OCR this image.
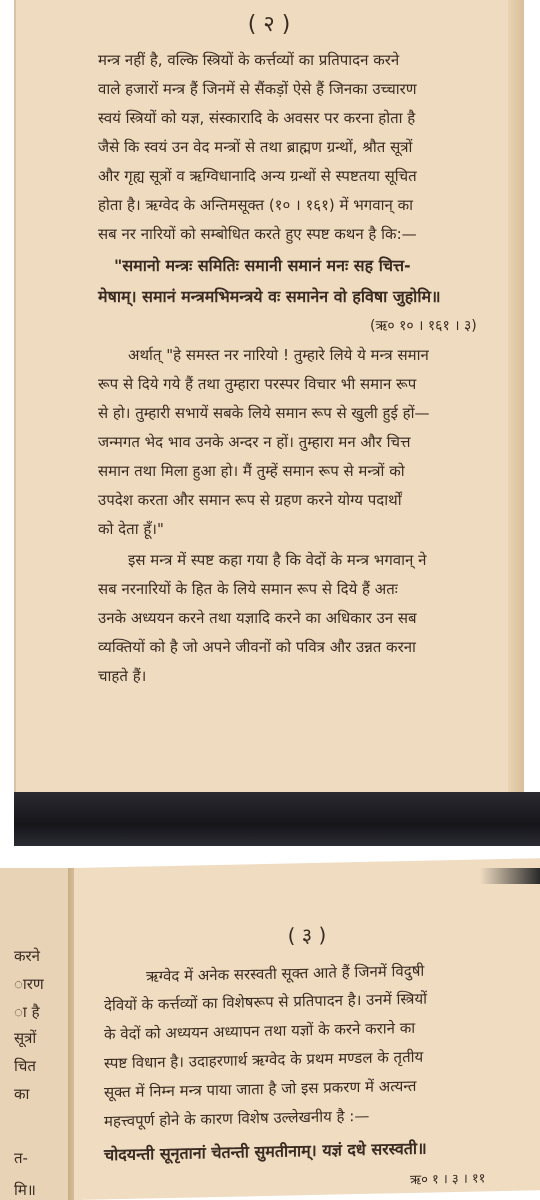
( २ )
मन्त्र नहीं है, वल्कि स्त्रियों के कर्त्तव्यों का प्रतिपादन करने
वाले हजारों मन्त्र हैं जिनमें से सैंकड़ों ऐसे हैं जिनका उच्चारण
स्वयं स्त्रियों को यज्ञ, संस्कारादि के अवसर पर करना होता है
जैसे कि स्वयं उन वेद मन्त्रों से तथा ब्राह्मण ग्रन्थों, श्रौत सूत्रों
और गृह्य सूत्रों व ऋग्विधानादि अन्य ग्रन्थों से स्पष्टतया सूचित
होता है। ऋग्वेद के अन्तिमसूक्त (१० । १६१) में भगवान् का
सब नर नारियों को सम्बोधित करते हुए स्पष्ट कथन है कि:—
"समानो मन्त्रः समितिः समानी समानं मनः सह चित्त-
मेषाम्। समानं मन्त्रमभिमन्त्रये वः समानेन वो हविषा जुहोमि॥
(ऋ० १० । १६१ । ३)
अर्थात् "हे समस्त नर नारियो ! तुम्हारे लिये ये मन्त्र समान
रूप से दिये गये हैं तथा तुम्हारा परस्पर विचार भी समान रूप
से हो। तुम्हारी सभायें सबके लिये समान रूप से खुली हुई हों—
जन्मगत भेद भाव उनके अन्दर न हों। तुम्हारा मन और चित्त
समान तथा मिला हुआ हो। मैं तुम्हें समान रूप से मन्त्रों को
उपदेश करता और समान रूप से ग्रहण करने योग्य पदार्थों
को देता हूँ।"
इस मन्त्र में स्पष्ट कहा गया है कि वेदों के मन्त्र भगवान् ने
सब नरनारियों के हित के लिये समान रूप से दिये हैं अतः
उनके अध्ययन करने तथा यज्ञादि करने का अधिकार उन सब
व्यक्तियों को है जो अपने जीवनों को पवित्र और उन्नत करना
चाहते हैं।
करने
ारण
ा है
सूत्रों
चित
का
त-
मि॥
( ३ )
ऋग्वेद में अनेक सरस्वती सूक्त आते हैं जिनमें विदुषी
देवियों के कर्त्तव्यों का विशेषरूप से प्रतिपादन है। उनमें स्त्रियों
के वेदों को अध्ययन अध्यापन तथा यज्ञों के करने कराने का
स्पष्ट विधान है। उदाहरणार्थ ऋग्वेद के प्रथम मण्डल के तृतीय
सूक्त में निम्न मन्त्र पाया जाता है जो इस प्रकरण में अत्यन्त
महत्त्वपूर्ण होने के कारण विशेष उल्लेखनीय है :—
चोदयन्ती सूनृतानां चेतन्ती सुमतीनाम्। यज्ञं दधे सरस्वती॥
ऋ० १ । ३ । ११
